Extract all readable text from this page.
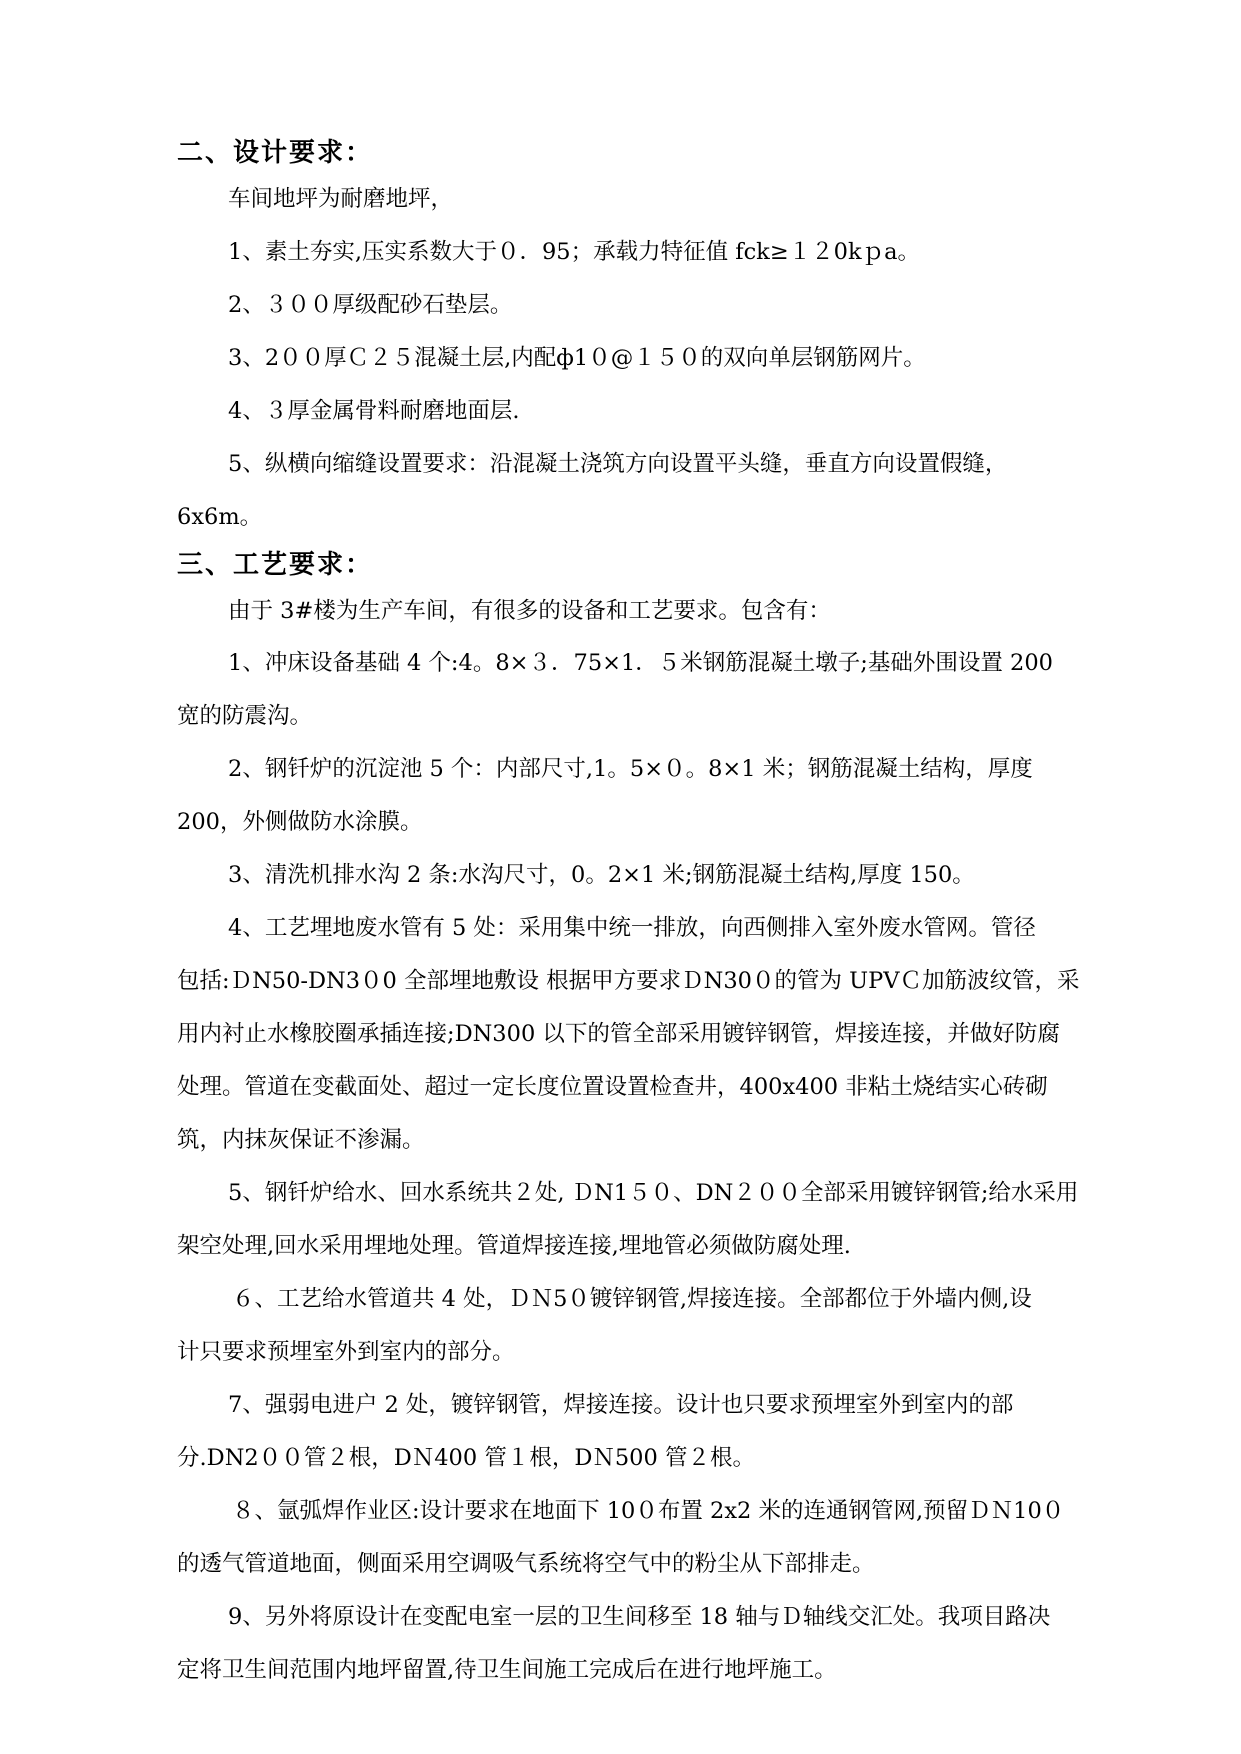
二、设计要求：
车间地坪为耐磨地坪，
1、素土夯实,压实系数大于０．95；承载力特征值 fck≥１２0kｐa。
2、３００厚级配砂石垫层。
3、2００厚Ｃ２５混凝土层,内配ф1０@１５０的双向单层钢筋网片。
4、３厚金属骨料耐磨地面层.
5、纵横向缩缝设置要求：沿混凝土浇筑方向设置平头缝，垂直方向设置假缝，
6x6m。
三、工艺要求：
由于 3#楼为生产车间，有很多的设备和工艺要求。包含有：
1、冲床设备基础 4 个:4。8×３．75×1．５米钢筋混凝土墩子;基础外围设置 200
宽的防震沟。
2、钢钎炉的沉淀池 5 个：内部尺寸,1。5×０。8×1 米；钢筋混凝土结构，厚度
200，外侧做防水涂膜。
3、清洗机排水沟 2 条:水沟尺寸，0。2×1 米;钢筋混凝土结构,厚度 150。
4、工艺埋地废水管有 5 处：采用集中统一排放，向西侧排入室外废水管网。管径
包括:ＤN50-DN3０0 全部埋地敷设 根据甲方要求ＤN30０的管为 UPVＣ加筋波纹管，采
用内衬止水橡胶圈承插连接;DN300 以下的管全部采用镀锌钢管，焊接连接，并做好防腐
处理。管道在变截面处、超过一定长度位置设置检查井，400x400 非粘土烧结实心砖砌
筑，内抹灰保证不渗漏。
5、钢钎炉给水、回水系统共２处, ＤN1５０、DN２００全部采用镀锌钢管;给水采用
架空处理,回水采用埋地处理。管道焊接连接,埋地管必须做防腐处理.
６、工艺给水管道共 4 处，ＤＮ5０镀锌钢管,焊接连接。全部都位于外墙内侧,设
计只要求预埋室外到室内的部分。
7、强弱电进户 2 处，镀锌钢管，焊接连接。设计也只要求预埋室外到室内的部
分.DN2００管２根，DＮ400 管１根，DＮ500 管２根。
８、氩弧焊作业区:设计要求在地面下 10０布置 2x2 米的连通钢管网,预留ＤＮ10０
的透气管道地面，侧面采用空调吸气系统将空气中的粉尘从下部排走。
9、另外将原设计在变配电室一层的卫生间移至 18 轴与Ｄ轴线交汇处。我项目路决
定将卫生间范围内地坪留置,待卫生间施工完成后在进行地坪施工。
